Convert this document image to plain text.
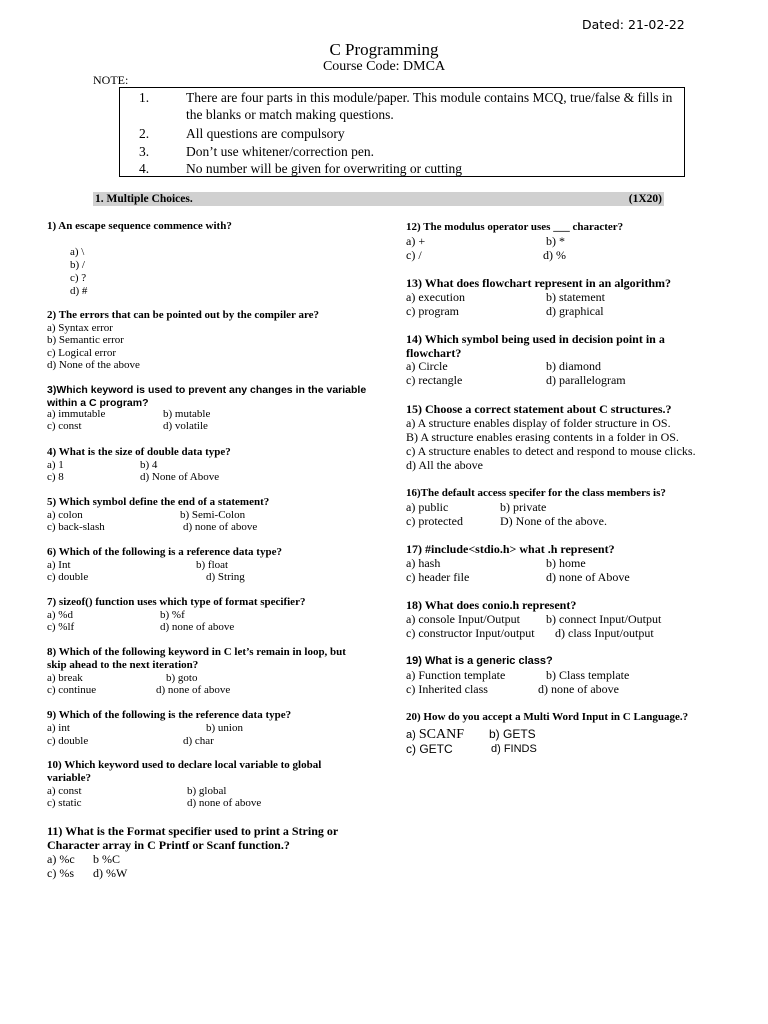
Dated: 21-02-22
C Programming
Course Code: DMCA
NOTE:
1.	There are four parts in this module/paper. This module contains MCQ, true/false & fills in the blanks or match making questions.
2.	All questions are compulsory
3.	Don’t use whitener/correction pen.
4.	No number will be given for overwriting or cutting
1. Multiple Choices.	(1X20)
1) An escape sequence commence with?
a) \
b) /
c) ?
d) #
2) The errors that can be pointed out by the compiler are?
a) Syntax error
b) Semantic error
c) Logical error
d) None of the above
3)Which keyword is used to prevent any changes in the variable within a C program?
a) immutable	b) mutable
c) const	d) volatile
4) What is the size of double data type?
a) 1	b) 4
c) 8	d) None of Above
5) Which symbol define the end of a statement?
a) colon	b) Semi-Colon
c) back-slash	d) none of above
6) Which of the following is a reference data type?
a) Int	b) float
c) double	d) String
7) sizeof() function uses which type of format specifier?
a) %d	b) %f
c) %lf	d) none of above
8) Which of the following keyword in C let’s remain in loop, but skip ahead to the next iteration?
a) break	b) goto
c) continue	d) none of above
9) Which of the following is the reference data type?
a) int	b) union
c) double	d) char
10) Which keyword used to declare local variable to global variable?
a) const	b) global
c) static	d) none of above
11) What is the Format specifier used to print a String or Character array in C Printf or Scanf function.?
a) %c b %C
c) %s d) %W
12) The modulus operator uses ___ character?
a) +	b) *
c) /	d) %
13) What does flowchart represent in an algorithm?
a) execution	b) statement
c) program	d) graphical
14) Which symbol being used in decision point in a flowchart?
a) Circle	b) diamond
c) rectangle	d) parallelogram
15) Choose a correct statement about C structures.?
a) A structure enables display of folder structure in OS.
B) A structure enables erasing contents in a folder in OS.
c) A structure enables to detect and respond to mouse clicks.
d) All the above
16)The default access specifer for the class members is?
a) public	b) private
c) protected	D) None of the above.
17) #include<stdio.h> what .h represent?
a) hash	b) home
c) header file	d) none of Above
18) What does conio.h represent?
a) console Input/Output b) connect Input/Output
c) constructor Input/output d) class Input/output
19) What is a generic class?
a) Function template	b) Class template
c) Inherited class	d) none of above
20) How do you accept a Multi Word Input in C Language.?
a) SCANF b) GETS
c) GETC	d) FINDS
